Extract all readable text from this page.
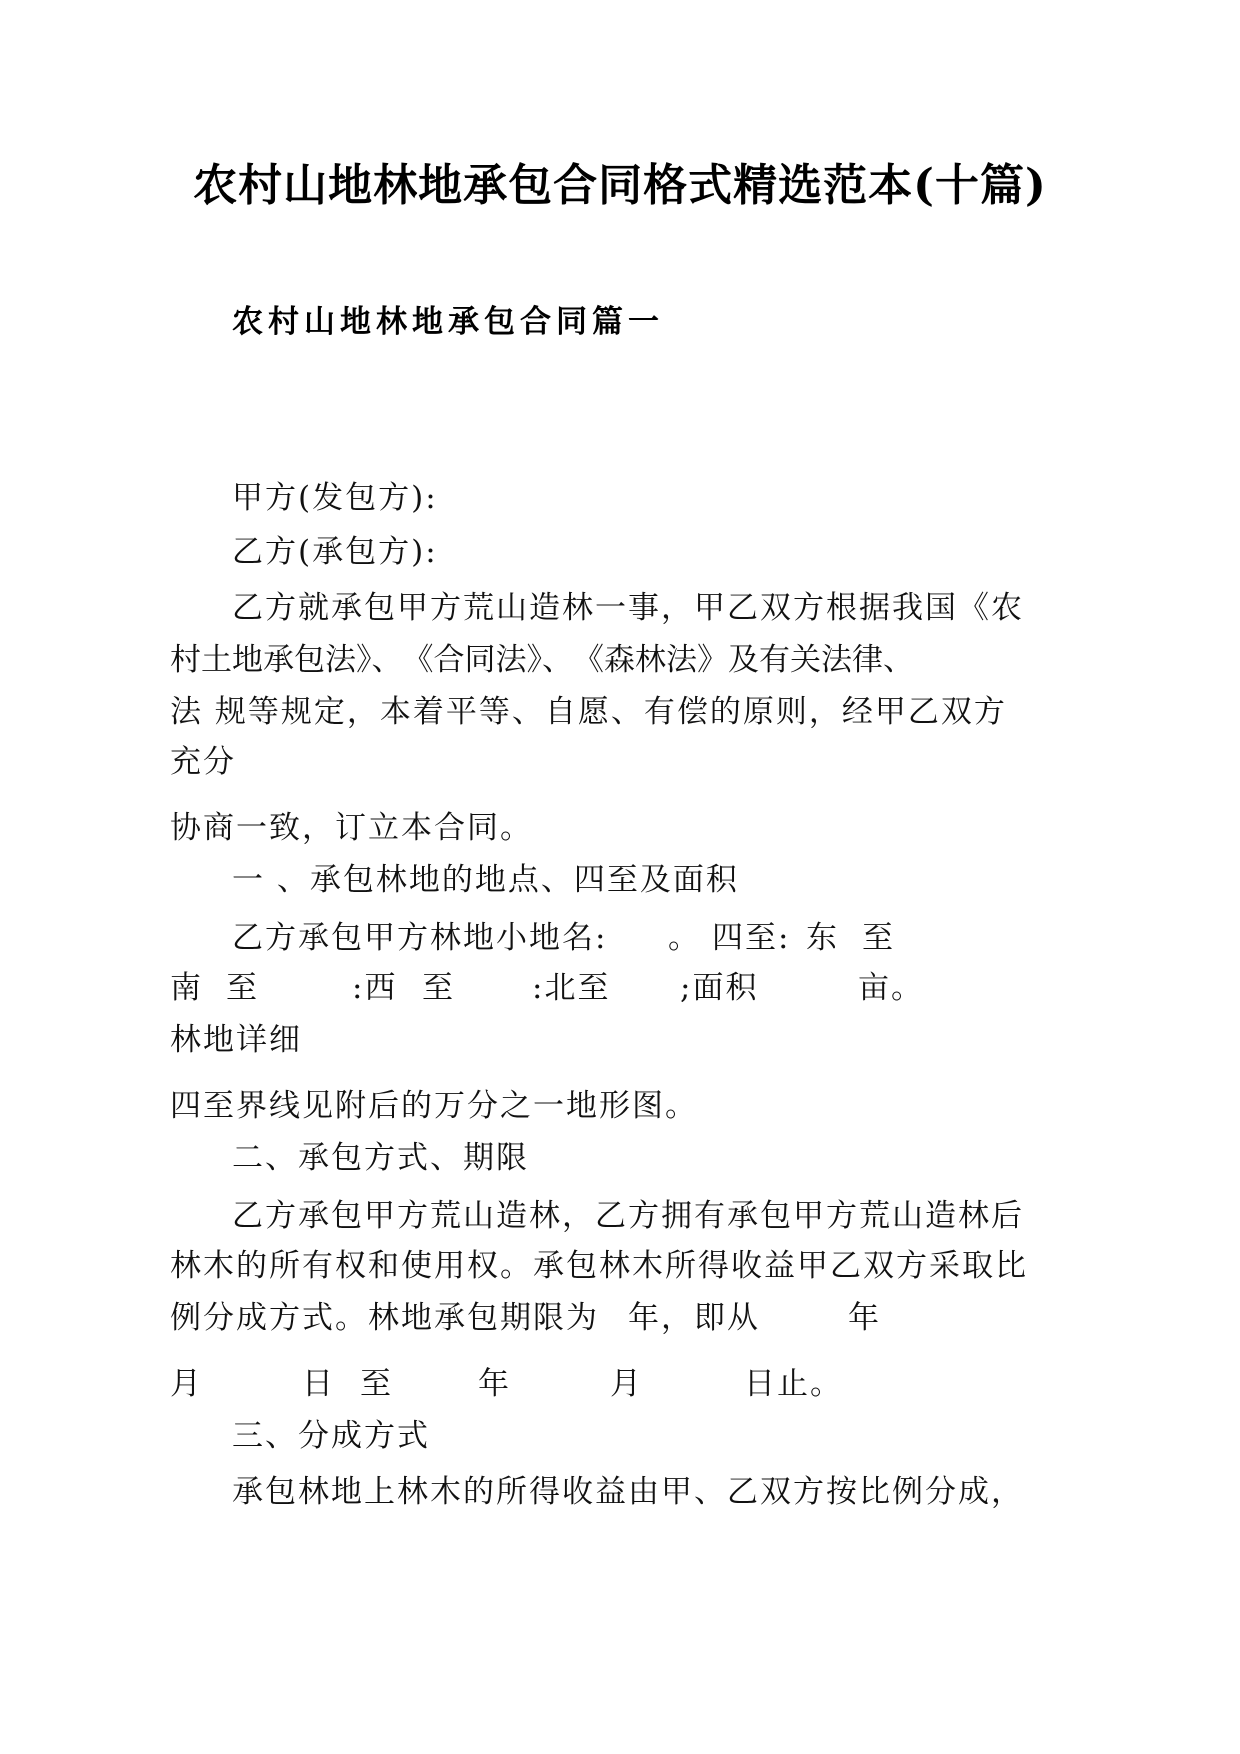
农村山地林地承包合同格式精选范本(十篇)
农村山地林地承包合同篇一
甲方(发包方):
乙方(承包方):
乙方就承包甲方荒山造林一事，甲乙双方根据我国《农
村土地承包法》、　《合同法》、　《森林法》及有关法律、
法 规等规定，本着平等、自愿、有偿的原则，经甲乙双方
充分
协商一致，订立本合同。
一 、承包林地的地点、四至及面积
乙方承包甲方林地小地名: 。 四至: 东 至
南 至	:西 至 :北至 ;面积	亩。
林地详细
四至界线见附后的万分之一地形图。
二、承包方式、期限
乙方承包甲方荒山造林，乙方拥有承包甲方荒山造林后
林木的所有权和使用权。承包林木所得收益甲乙双方采取比
例分成方式。林地承包期限为 年，即从	年
月	日 至	年	月	日止。
三、分成方式
承包林地上林木的所得收益由甲、乙双方按比例分成，
